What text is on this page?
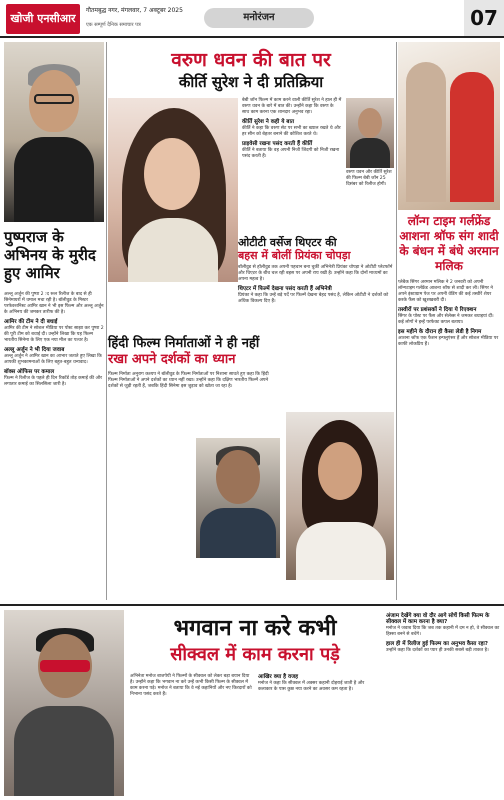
खोजी एनसीआर
गौतमबुद्ध नगर, मंगलवार, 7 अक्टूबर 2025
एक सम्पूर्ण दैनिक समाचार पत्र
मनोरंजन	07
पुष्पराज के अभिनय के मुरीद हुए आमिर
अल्लू अर्जुन की पुष्पा 2 :द रूल रिलीज के बाद से ही सिनेमाघरों में धमाल मचा रही है। बॉलीवुड के मिस्टर परफेक्शनिस्ट आमिर खान ने भी इस फिल्म और अल्लू अर्जुन के अभिनय की जमकर तारीफ की है।
आमिर की टीम ने दी बधाई
आमिर की टीम ने सोशल मीडिया पर पोस्ट साझा कर पुष्पा 2 की पूरी टीम को बधाई दी। उन्होंने लिखा कि यह फिल्म भारतीय सिनेमा के लिए एक नया मील का पत्थर है।
अल्लू अर्जुन ने भी दिया जवाब
अल्लू अर्जुन ने आमिर खान का आभार जताते हुए लिखा कि आपकी शुभकामनाओं के लिए बहुत-बहुत धन्यवाद।
बॉक्स ऑफिस पर कमाल
फिल्म ने रिलीज के पहले ही दिन रिकॉर्ड तोड़ कमाई की और लगातार कमाई का सिलसिला जारी है।
वरुण धवन की बात पर
कीर्ति सुरेश ने दी प्रतिक्रिया
बेबी जॉन फिल्म में काम करने वाली कीर्ति सुरेश ने हाल ही में वरुण धवन के बारे में बात की। उन्होंने कहा कि वरुण के साथ काम करना एक शानदार अनुभव रहा।
कीर्ति सुरेश ने कही ये बात
कीर्ति ने कहा कि वरुण सेट पर सभी का ख्याल रखते थे और हर सीन को बेहतर बनाने की कोशिश करते थे।
प्राइवेसी रखना पसंद करती हैं कीर्ति
कीर्ति ने बताया कि वह अपनी निजी जिंदगी को निजी रखना पसंद करती हैं।
वरुण धवन और कीर्ति सुरेश की फिल्म बेबी जॉन 25 दिसंबर को रिलीज होगी।
लॉन्ग टाइम गर्लफ्रेंड आशना श्रॉफ संग शादी के बंधन में बंधे अरमान मलिक
प्लेबैक सिंगर अरमान मलिक ने 2 जनवरी को अपनी लॉन्गटाइम गर्लफ्रेंड आशना श्रॉफ से शादी कर ली। सिंगर ने अपने इंस्टाग्राम पेज पर अपनी वेडिंग की कई तस्वीरें शेयर करके फैंस को खुशखबरी दी।
तस्वीरों पर प्रशंसकों ने दिया ये रिएक्शन
सिंगर के पोस्ट पर फैंस और सेलेब्स ने जमकर बधाइयां दीं। कई लोगों ने इन्हें परफेक्ट कपल बताया।
इस महीने के दौरान ही कैसा लेडी है निगम
आशना श्रॉफ एक फैशन इन्फ्लुएंसर हैं और सोशल मीडिया पर काफी लोकप्रिय हैं।
ओटीटी वर्सेज थिएटर की
बहस में बोलीं प्रियंका चोपड़ा
बॉलीवुड से हॉलीवुड तक अपनी पहचान बना चुकीं अभिनेत्री प्रियंका चोपड़ा ने ओटीटी प्लेटफॉर्म और थिएटर के बीच चल रही बहस पर अपनी राय रखी है। उन्होंने कहा कि दोनों माध्यमों का अपना महत्व है।
थिएटर में फिल्में देखना पसंद करती हैं अभिनेत्री
प्रियंका ने कहा कि उन्हें बड़े पर्दे पर फिल्में देखना बेहद पसंद है, लेकिन ओटीटी ने दर्शकों को अधिक विकल्प दिए हैं।
हिंदी फिल्म निर्माताओं ने ही नहीं
रखा अपने दर्शकों का ध्यान
फिल्म निर्माता अनुराग कश्यप ने बॉलीवुड के फिल्म निर्माताओं पर निशाना साधते हुए कहा कि हिंदी फिल्म निर्माताओं ने अपने दर्शकों का ध्यान नहीं रखा। उन्होंने कहा कि दक्षिण भारतीय फिल्में अपने दर्शकों से जुड़ी रहती हैं, जबकि हिंदी सिनेमा इस जुड़ाव को खोता जा रहा है।
भगवान ना करे कभी
सीक्वल में काम करना पड़े
अभिनेता मनोज बाजपेयी ने फिल्मों के सीक्वल को लेकर बड़ा बयान दिया है। उन्होंने कहा कि भगवान ना करे उन्हें कभी किसी फिल्म के सीक्वल में काम करना पड़े। मनोज ने बताया कि वे नई कहानियों और नए किरदारों को निभाना पसंद करते हैं।
आखिर क्या है वजह
मनोज ने कहा कि सीक्वल में अक्सर कहानी दोहराई जाती है और कलाकार के पास कुछ नया करने का अवसर कम रहता है।
अंजाम देखेंगे क्या वो दौर आगे सोचें किसी फिल्म के सीक्वल में काम करना है क्या?
मनोज ने जवाब दिया कि जब तक कहानी में दम न हो, वे सीक्वल का हिस्सा बनने से बचेंगे।
हाल ही में रिलीज हुई फिल्म का अनुभव कैसा रहा?
उन्होंने कहा कि दर्शकों का प्यार ही उनकी सबसे बड़ी ताकत है।
